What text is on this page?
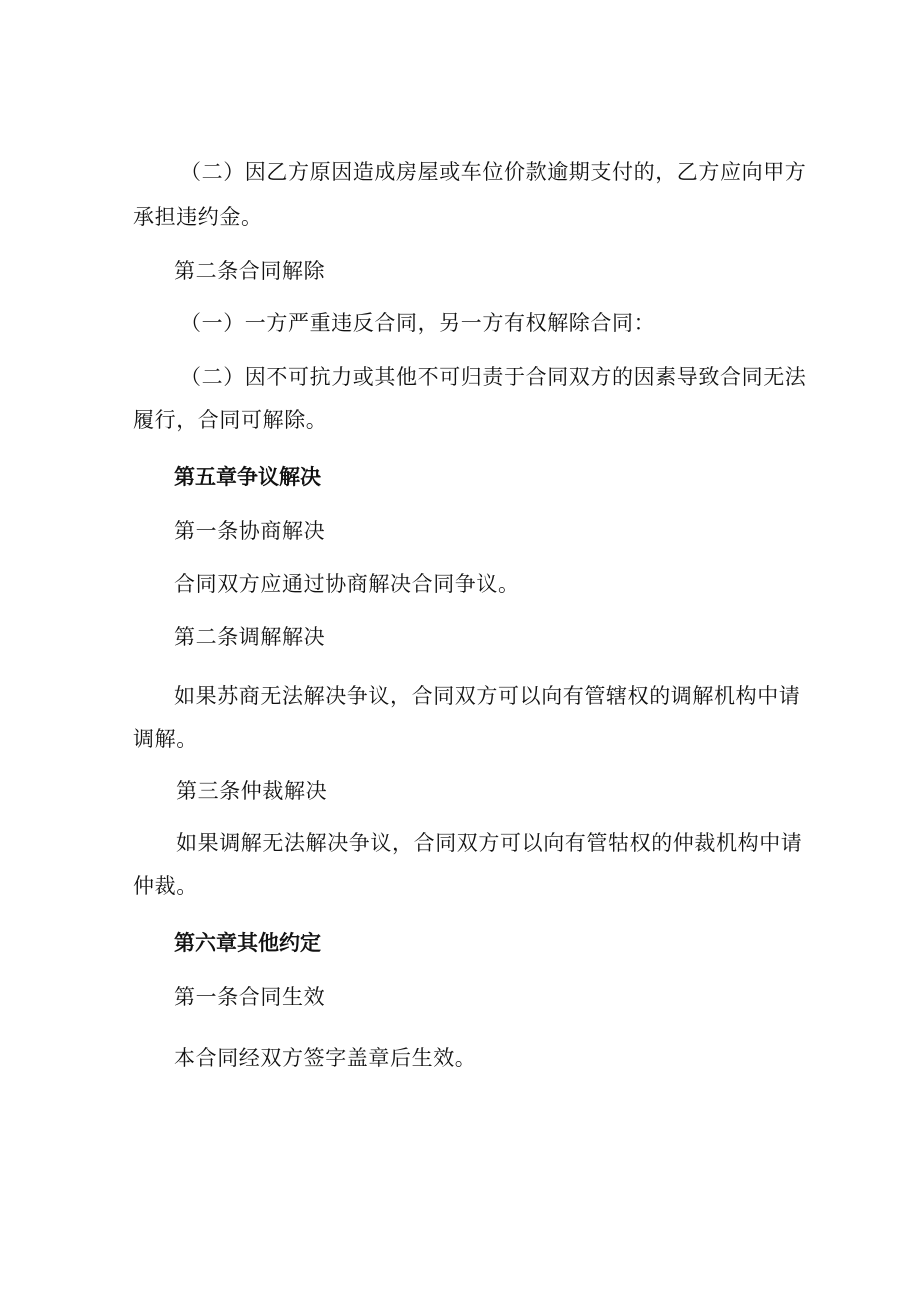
（二）因乙方原因造成房屋或车位价款逾期支付的，乙方应向甲方
承担违约金。
第二条合同解除
（一）一方严重违反合同，另一方有权解除合同：
（二）因不可抗力或其他不可归责于合同双方的因素导致合同无法
履行，合同可解除。
第五章争议解决
第一条协商解决
合同双方应通过协商解决合同争议。
第二条调解解决
如果苏商无法解决争议，合同双方可以向有管辖权的调解机构中请
调解。
第三条仲裁解决
如果调解无法解决争议，合同双方可以向有管牯权的仲裁机构中请
仲裁。
第六章其他约定
第一条合同生效
本合同经双方签字盖章后生效。
